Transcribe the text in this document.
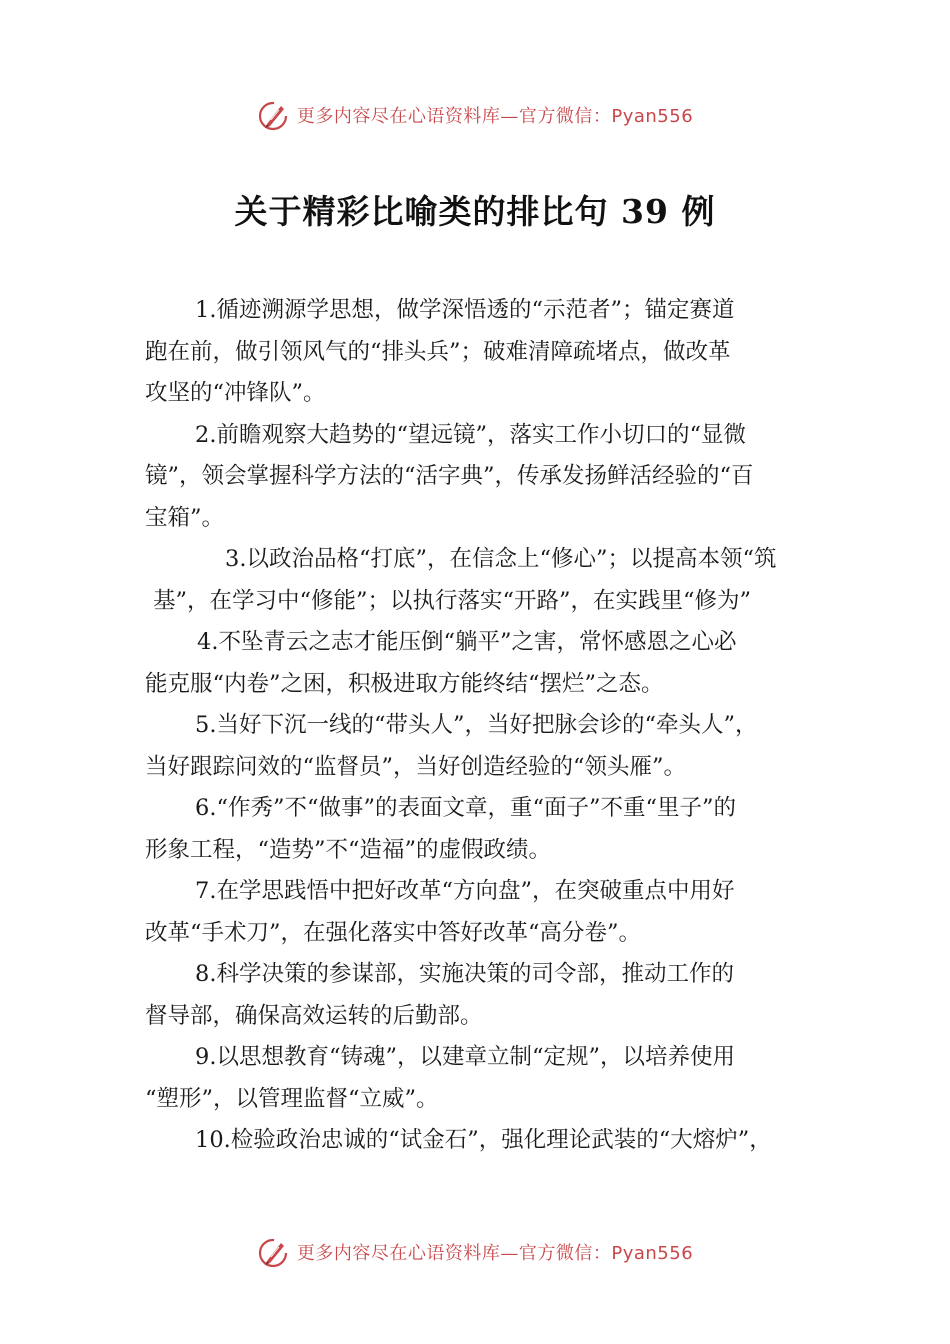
更多内容尽在心语资料库—官方微信：Pyan556
关于精彩比喻类的排比句 39 例
1.循迹溯源学思想，做学深悟透的“示范者”；锚定赛道
跑在前，做引领风气的“排头兵”；破难清障疏堵点，做改革
攻坚的“冲锋队”。
2.前瞻观察大趋势的“望远镜”，落实工作小切口的“显微
镜”，领会掌握科学方法的“活字典”，传承发扬鲜活经验的“百
宝箱”。
3.以政治品格“打底”，在信念上“修心”；以提高本领“筑
基”，在学习中“修能”；以执行落实“开路”，在实践里“修为”
4.不坠青云之志才能压倒“躺平”之害，常怀感恩之心必
能克服“内卷”之困，积极进取方能终结“摆烂”之态。
5.当好下沉一线的“带头人”，当好把脉会诊的“牵头人”，
当好跟踪问效的“监督员”，当好创造经验的“领头雁”。
6.“作秀”不“做事”的表面文章，重“面子”不重“里子”的
形象工程，“造势”不“造福”的虚假政绩。
7.在学思践悟中把好改革“方向盘”，在突破重点中用好
改革“手术刀”，在强化落实中答好改革“高分卷”。
8.科学决策的参谋部，实施决策的司令部，推动工作的
督导部，确保高效运转的后勤部。
9.以思想教育“铸魂”，以建章立制“定规”，以培养使用
“塑形”，以管理监督“立威”。
10.检验政治忠诚的“试金石”，强化理论武装的“大熔炉”，
更多内容尽在心语资料库—官方微信：Pyan556
